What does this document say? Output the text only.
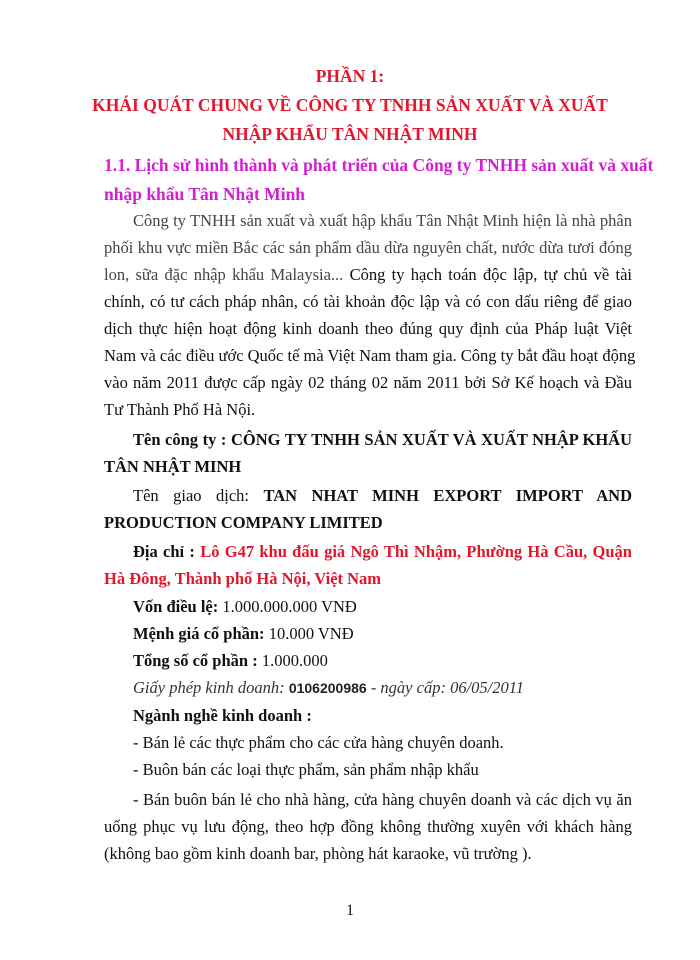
PHẦN 1:
KHÁI QUÁT CHUNG VỀ CÔNG TY TNHH SẢN XUẤT VÀ XUẤT
NHẬP KHẨU TÂN NHẬT MINH
1.1. Lịch sử hình thành và phát triển của Công ty TNHH sản xuất và xuất
nhập khẩu Tân Nhật Minh
Công ty TNHH sản xuất và xuất hập khẩu Tân Nhật Minh hiện là nhà phân
phối khu vực miền Bắc các sản phẩm dầu dừa nguyên chất, nước dừa tươi đóng
lon, sữa đặc nhập khẩu Malaysia... Công ty hạch toán độc lập, tự chủ về tài
chính, có tư cách pháp nhân, có tài khoản độc lập và có con dấu riêng để giao
dịch thực hiện hoạt động kinh doanh theo đúng quy định của Pháp luật Việt
Nam và các điều ước Quốc tế mà Việt Nam tham gia. Công ty bắt đầu hoạt động
vào năm 2011 được cấp ngày 02 tháng 02 năm 2011 bởi Sở Kế hoạch và Đầu
Tư Thành Phố Hà Nội.
Tên công ty : CÔNG TY TNHH SẢN XUẤT VÀ XUẤT NHẬP KHẨU
TÂN NHẬT MINH
Tên giao dịch: TAN NHAT MINH EXPORT IMPORT AND
PRODUCTION COMPANY LIMITED
Địa chỉ : Lô G47 khu đấu giá Ngô Thì Nhậm, Phường Hà Cầu, Quận
Hà Đông, Thành phố Hà Nội, Việt Nam
Vốn điều lệ: 1.000.000.000 VNĐ
Mệnh giá cổ phần: 10.000 VNĐ
Tổng số cổ phần : 1.000.000
Giấy phép kinh doanh: 0106200986 - ngày cấp: 06/05/2011
Ngành nghề kinh doanh :
- Bán lẻ các thực phẩm cho các cửa hàng chuyên doanh.
- Buôn bán các loại thực phẩm, sản phẩm nhập khẩu
- Bán buôn bán lẻ cho nhà hàng, cửa hàng chuyên doanh và các dịch vụ ăn
uống phục vụ lưu động, theo hợp đồng không thường xuyên với khách hàng
(không bao gồm kinh doanh bar, phòng hát karaoke, vũ trường ).
1
